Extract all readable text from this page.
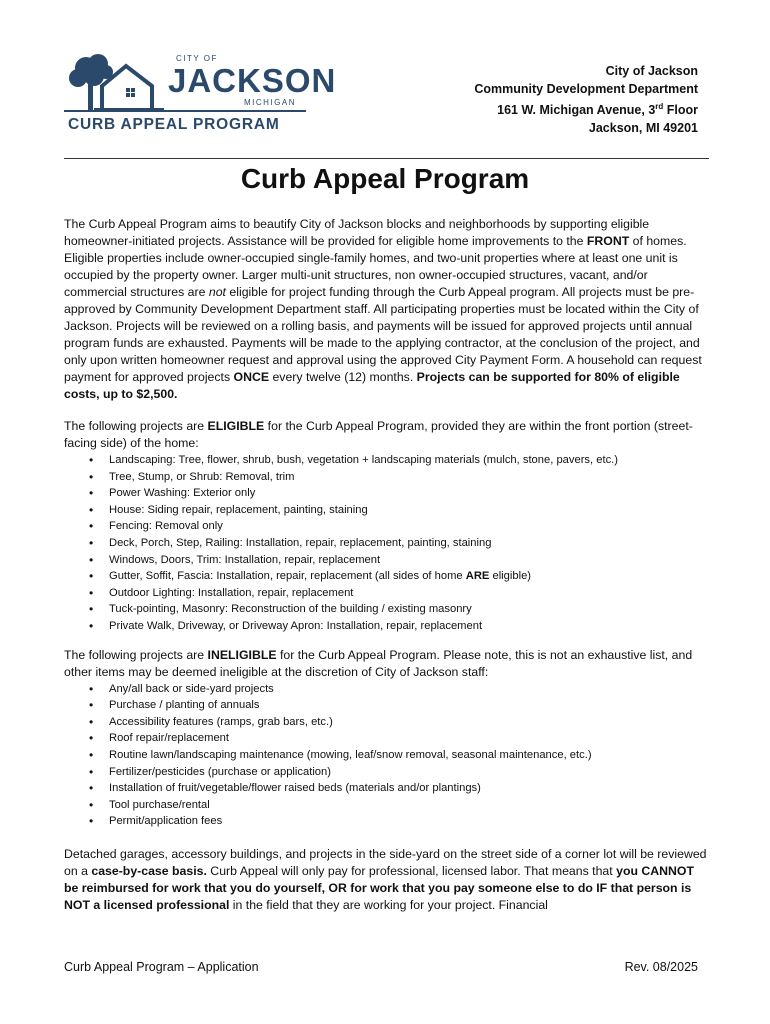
CITY OF
JACKSON
MICHIGAN
CURB APPEAL PROGRAM
City of Jackson
Community Development Department
161 W. Michigan Avenue, 3rd Floor
Jackson, MI 49201
Curb Appeal Program

The Curb Appeal Program aims to beautify City of Jackson blocks and neighborhoods by supporting eligible homeowner-initiated projects. Assistance will be provided for eligible home improvements to the FRONT of homes. Eligible properties include owner-occupied single-family homes, and two-unit properties where at least one unit is occupied by the property owner. Larger multi-unit structures, non owner-occupied structures, vacant, and/or commercial structures are not eligible for project funding through the Curb Appeal program. All projects must be pre-approved by Community Development Department staff. All participating properties must be located within the City of Jackson. Projects will be reviewed on a rolling basis, and payments will be issued for approved projects until annual program funds are exhausted. Payments will be made to the applying contractor, at the conclusion of the project, and only upon written homeowner request and approval using the approved City Payment Form. A household can request payment for approved projects ONCE every twelve (12) months. Projects can be supported for 80% of eligible costs, up to $2,500.

The following projects are ELIGIBLE for the Curb Appeal Program, provided they are within the front portion (street-facing side) of the home:

• Landscaping: Tree, flower, shrub, bush, vegetation + landscaping materials (mulch, stone, pavers, etc.)
• Tree, Stump, or Shrub: Removal, trim
• Power Washing: Exterior only
• House: Siding repair, replacement, painting, staining
• Fencing: Removal only
• Deck, Porch, Step, Railing: Installation, repair, replacement, painting, staining
• Windows, Doors, Trim: Installation, repair, replacement
• Gutter, Soffit, Fascia: Installation, repair, replacement (all sides of home ARE eligible)
• Outdoor Lighting: Installation, repair, replacement
• Tuck-pointing, Masonry: Reconstruction of the building / existing masonry
• Private Walk, Driveway, or Driveway Apron: Installation, repair, replacement

The following projects are INELIGIBLE for the Curb Appeal Program. Please note, this is not an exhaustive list, and other items may be deemed ineligible at the discretion of City of Jackson staff:

• Any/all back or side-yard projects
• Purchase / planting of annuals
• Accessibility features (ramps, grab bars, etc.)
• Roof repair/replacement
• Routine lawn/landscaping maintenance (mowing, leaf/snow removal, seasonal maintenance, etc.)
• Fertilizer/pesticides (purchase or application)
• Installation of fruit/vegetable/flower raised beds (materials and/or plantings)
• Tool purchase/rental
• Permit/application fees

Detached garages, accessory buildings, and projects in the side-yard on the street side of a corner lot will be reviewed on a case-by-case basis. Curb Appeal will only pay for professional, licensed labor. That means that you CANNOT be reimbursed for work that you do yourself, OR for work that you pay someone else to do IF that person is NOT a licensed professional in the field that they are working for your project. Financial

Curb Appeal Program – Application	Rev. 08/2025
